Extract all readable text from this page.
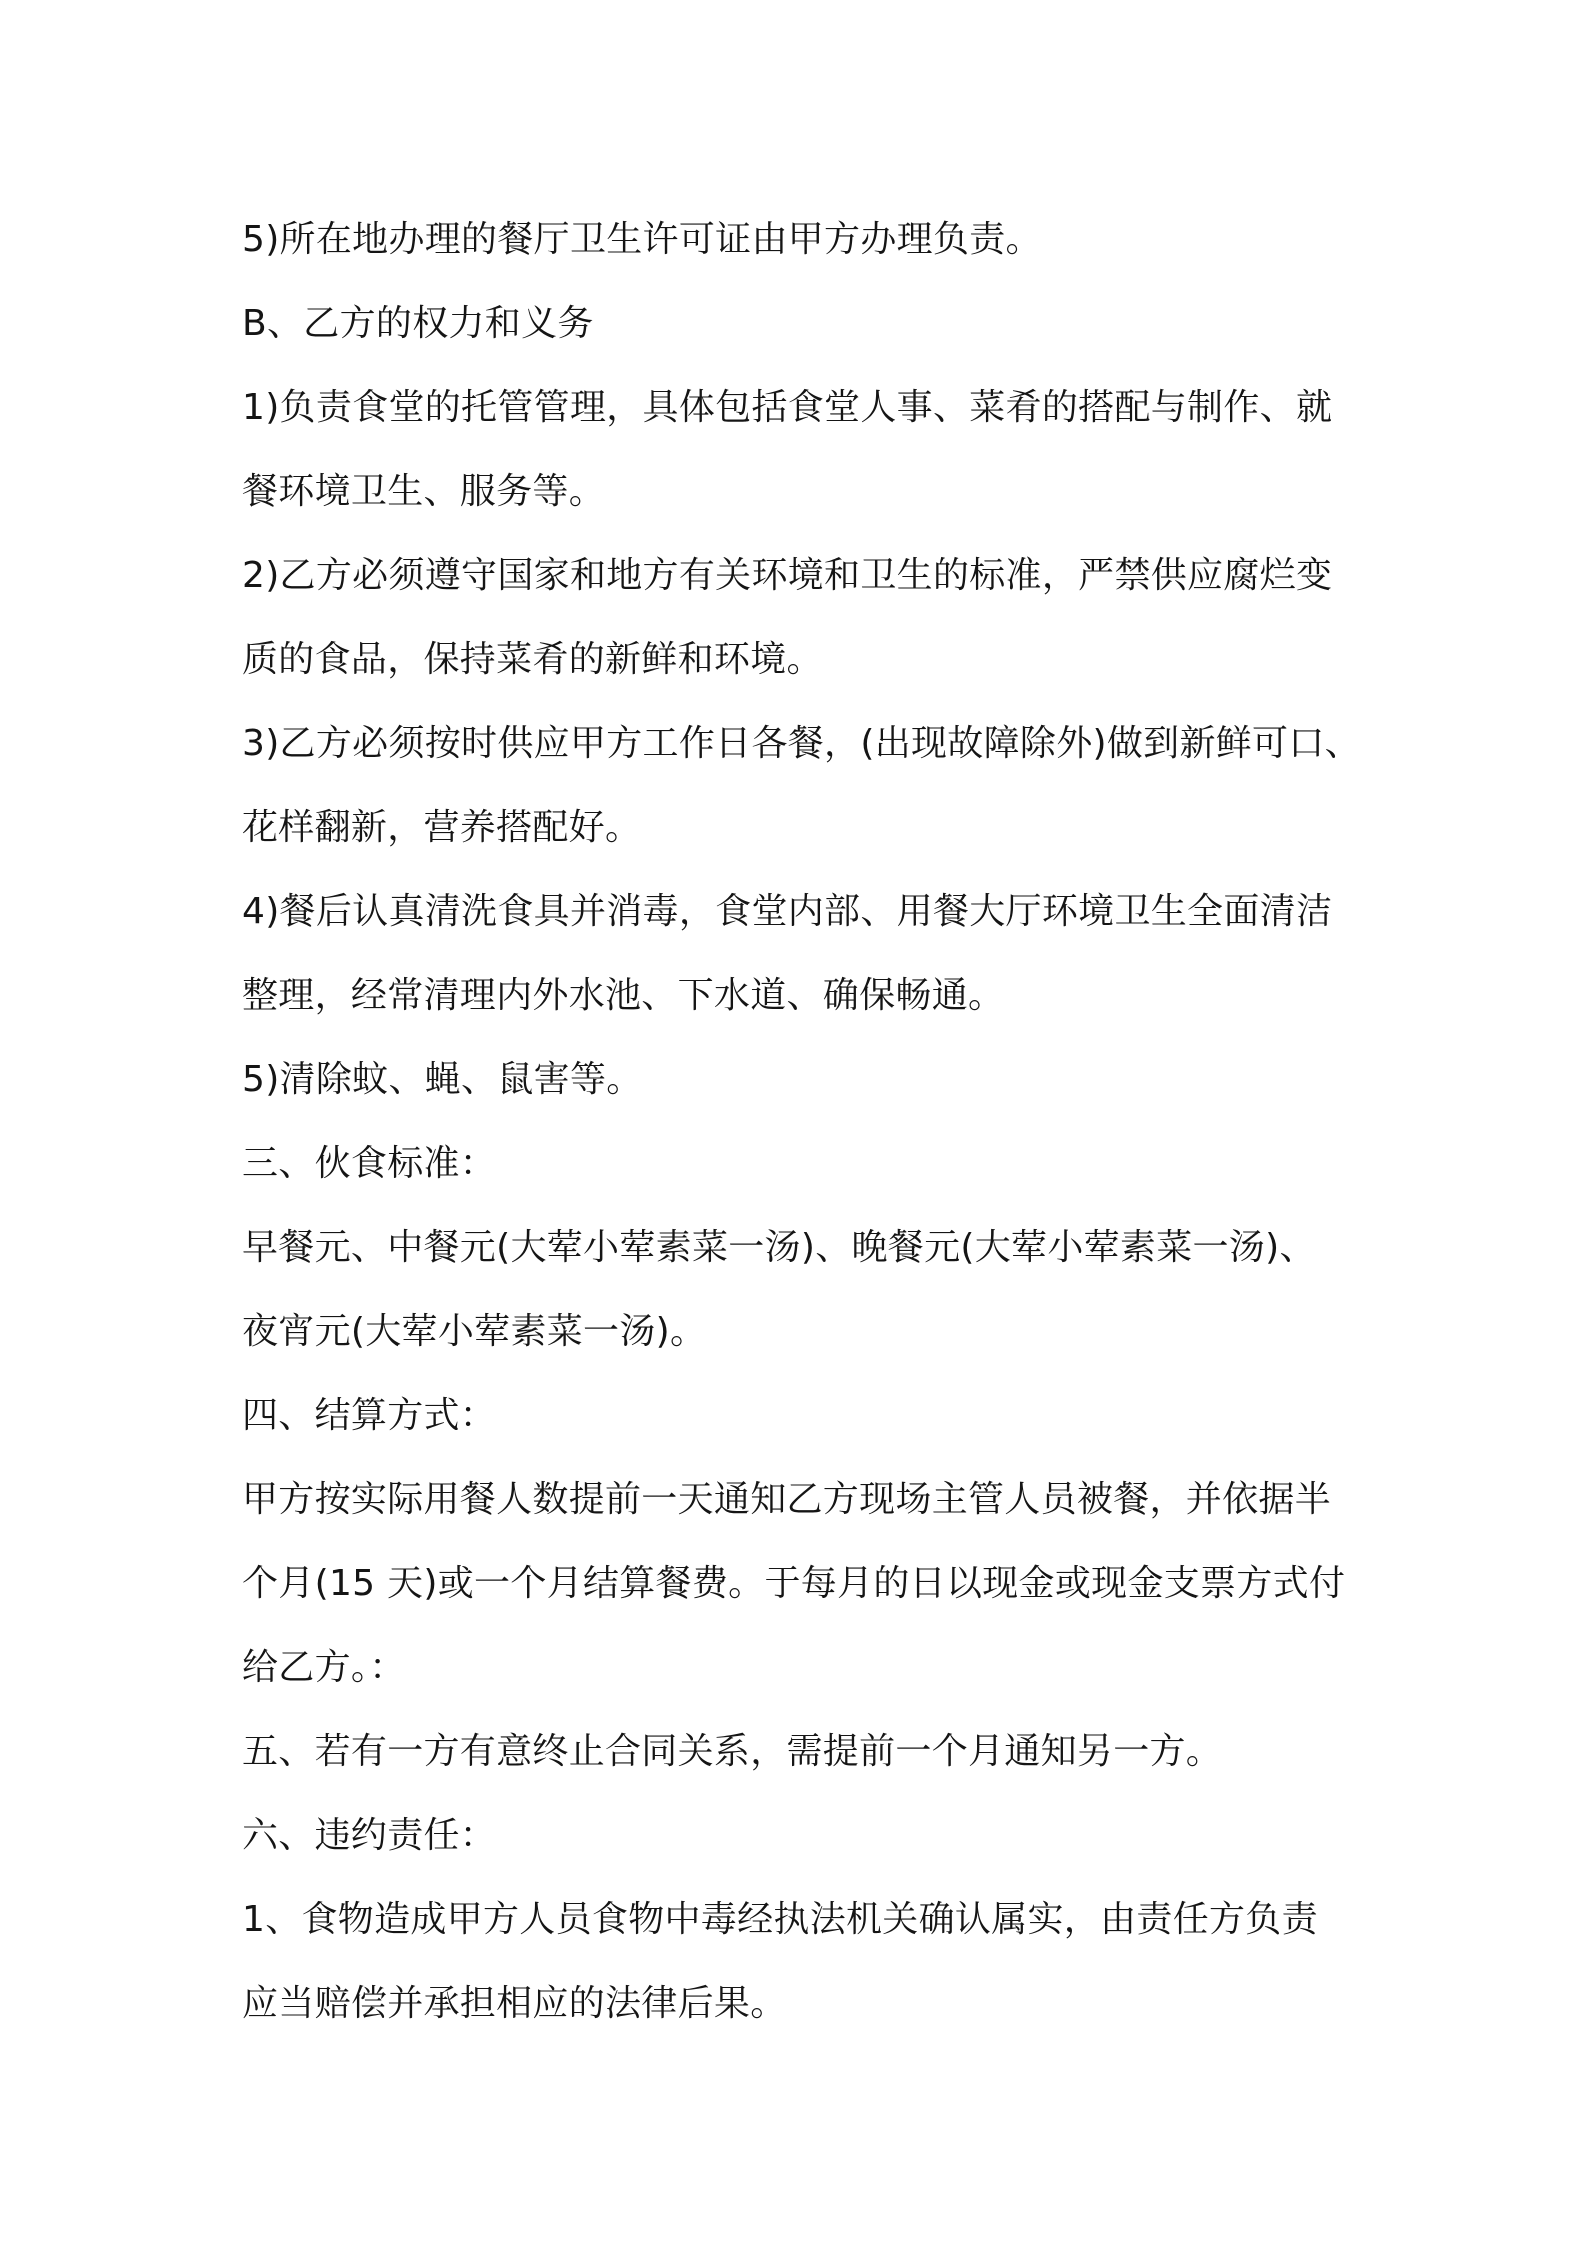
5)所在地办理的餐厅卫生许可证由甲方办理负责。
B、乙方的权力和义务
1)负责食堂的托管管理，具体包括食堂人事、菜肴的搭配与制作、就
餐环境卫生、服务等。
2)乙方必须遵守国家和地方有关环境和卫生的标准，严禁供应腐烂变
质的食品，保持菜肴的新鲜和环境。
3)乙方必须按时供应甲方工作日各餐，(出现故障除外)做到新鲜可口、
花样翻新，营养搭配好。
4)餐后认真清洗食具并消毒，食堂内部、用餐大厅环境卫生全面清洁
整理，经常清理内外水池、下水道、确保畅通。
5)清除蚊、蝇、鼠害等。
三、伙食标准：
早餐元、中餐元(大荤小荤素菜一汤)、晚餐元(大荤小荤素菜一汤)、
夜宵元(大荤小荤素菜一汤)。
四、结算方式：
甲方按实际用餐人数提前一天通知乙方现场主管人员被餐，并依据半
个月(15 天)或一个月结算餐费。于每月的日以现金或现金支票方式付
给乙方。：
五、若有一方有意终止合同关系，需提前一个月通知另一方。
六、违约责任：
1、食物造成甲方人员食物中毒经执法机关确认属实，由责任方负责
应当赔偿并承担相应的法律后果。
